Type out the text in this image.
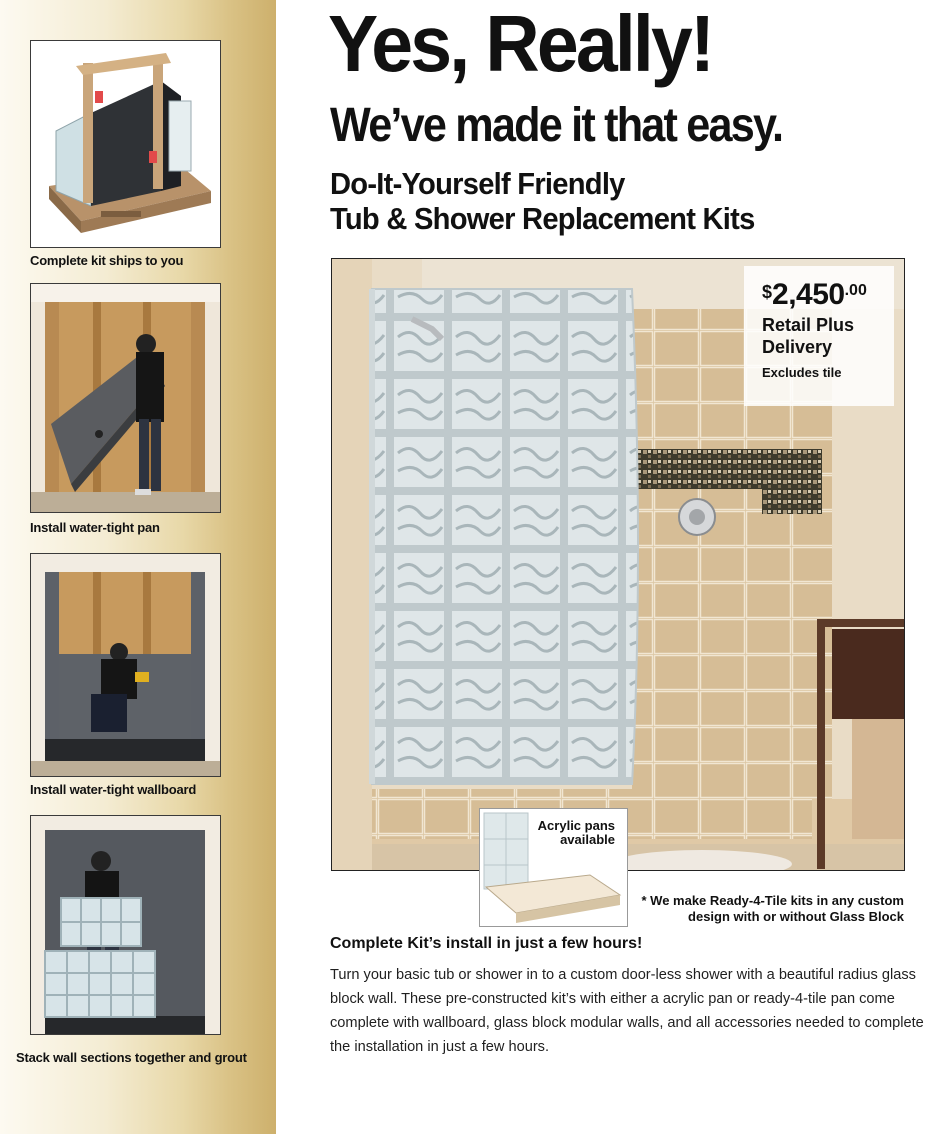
Complete kit ships to you
Install water-tight pan
Install water-tight wallboard
Stack wall sections together and grout
Yes, Really!
We’ve made it that easy.
Do-It-Yourself Friendly
Tub & Shower Replacement Kits
$2,450.00
Retail Plus Delivery
Excludes tile
Acrylic pans
available
* We make Ready-4-Tile kits in any custom
design with or without Glass Block
Complete Kit’s install in just a few hours!

Turn your basic tub or shower in to a custom door-less shower with a beautiful radius glass block wall. These pre-constructed kit’s with either a acrylic pan or ready-4-tile pan come complete with wallboard, glass block modular walls, and all accessories needed to complete the installation in just a few hours.
